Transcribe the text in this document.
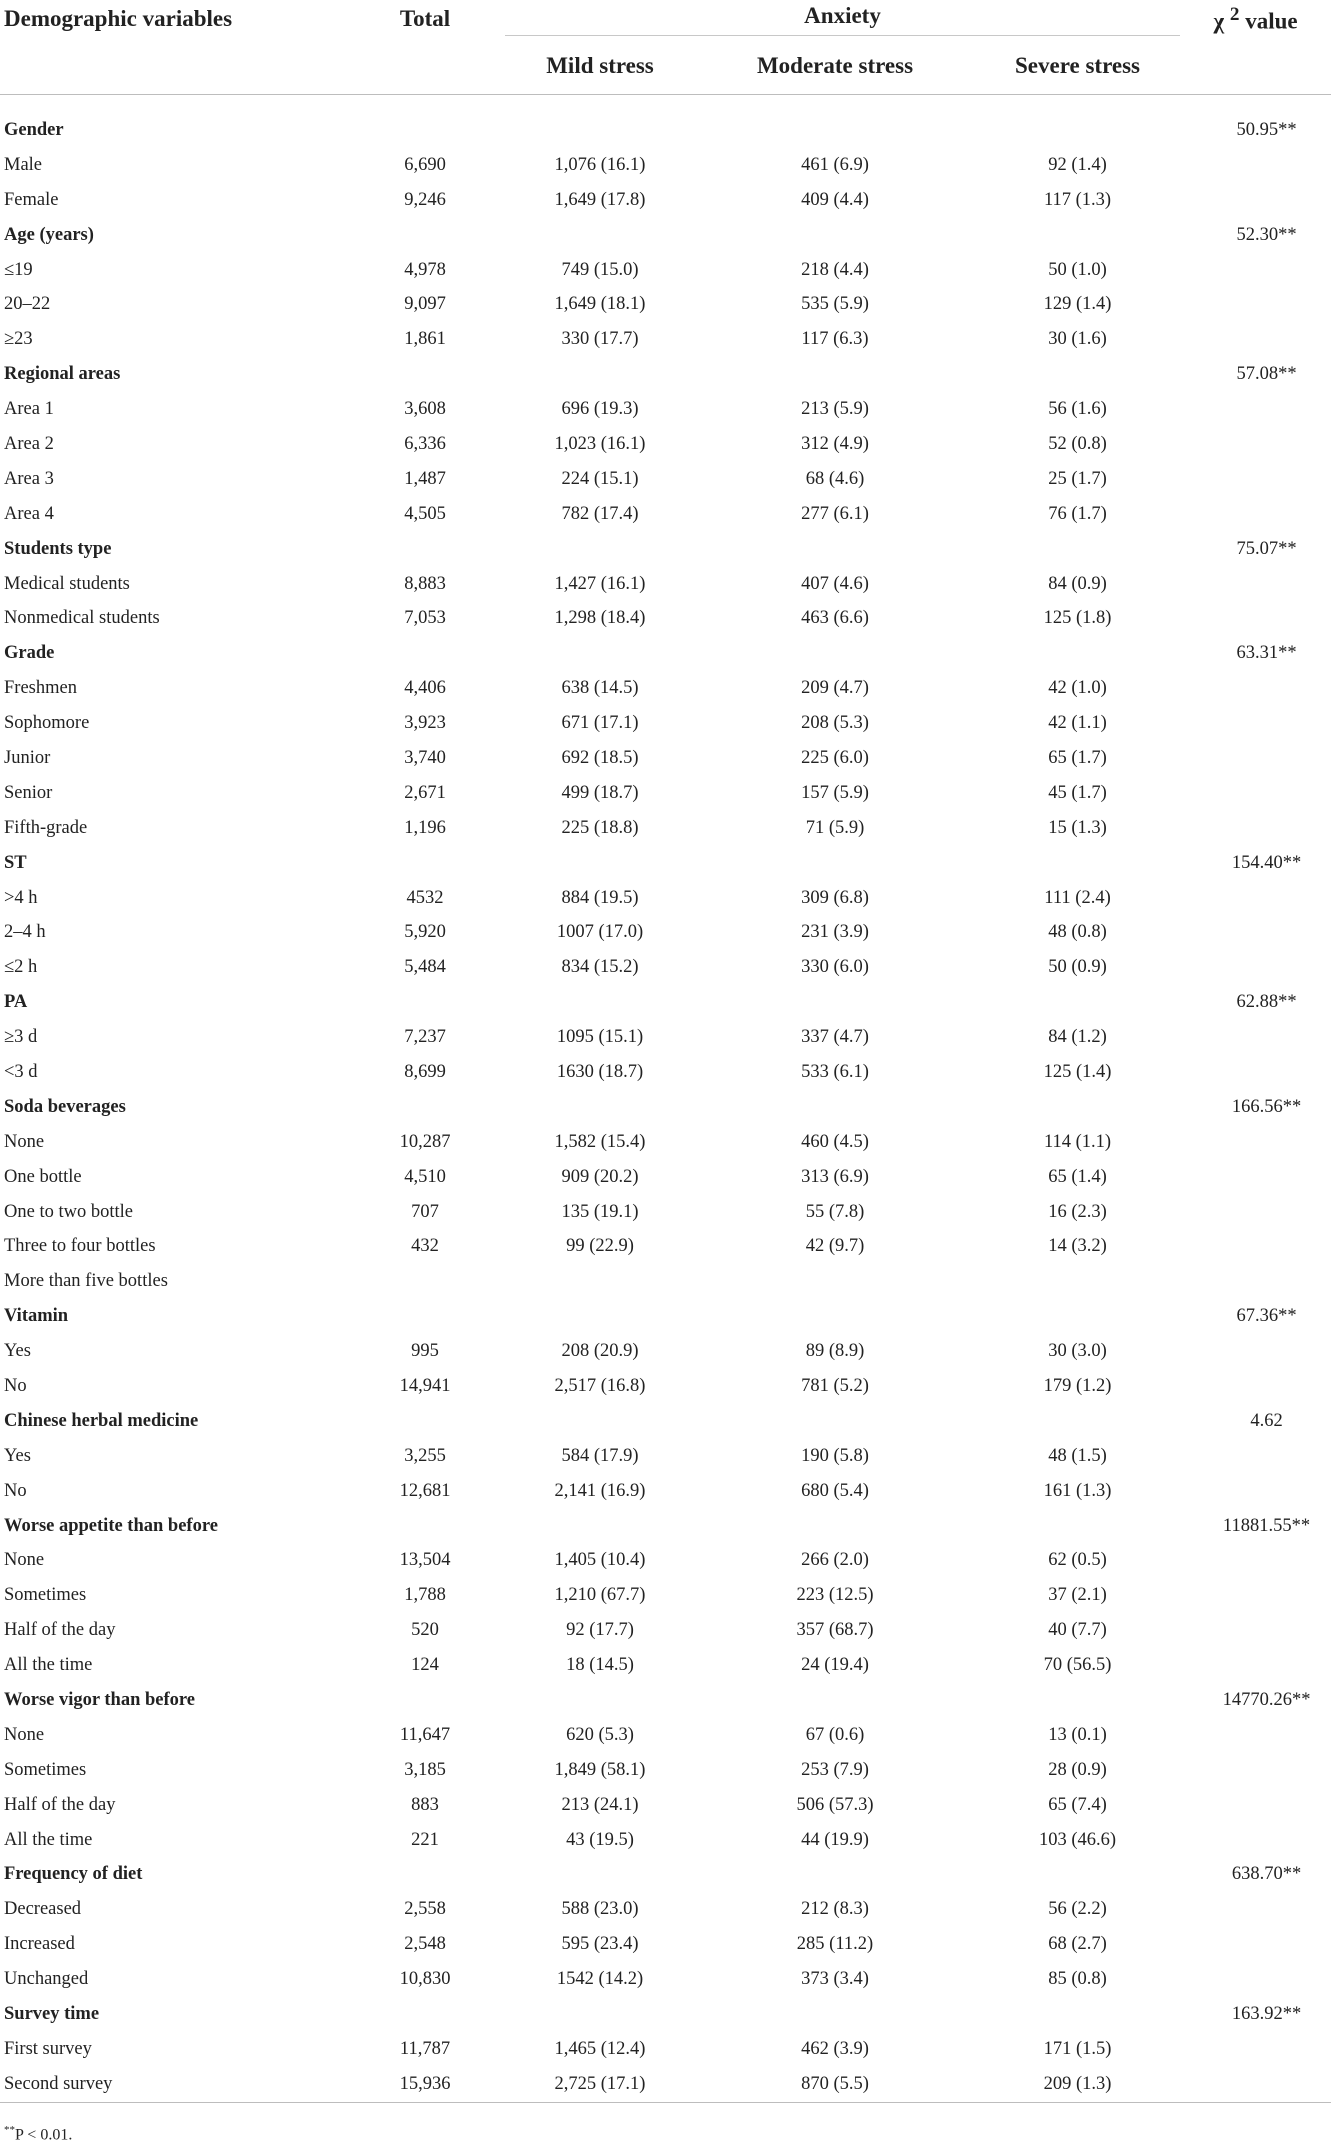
Demographic variables	Total	Anxiety			χ $^2$ value
		Mild stress	Moderate stress	Severe stress	

Gender					50.95**
Male	6,690	1,076 (16.1)	461 (6.9)	92 (1.4)	
Female	9,246	1,649 (17.8)	409 (4.4)	117 (1.3)	
Age (years)					52.30**
≤19	4,978	749 (15.0)	218 (4.4)	50 (1.0)	
20–22	9,097	1,649 (18.1)	535 (5.9)	129 (1.4)	
≥23	1,861	330 (17.7)	117 (6.3)	30 (1.6)	
Regional areas					57.08**
Area 1	3,608	696 (19.3)	213 (5.9)	56 (1.6)	
Area 2	6,336	1,023 (16.1)	312 (4.9)	52 (0.8)	
Area 3	1,487	224 (15.1)	68 (4.6)	25 (1.7)	
Area 4	4,505	782 (17.4)	277 (6.1)	76 (1.7)	
Students type					75.07**
Medical students	8,883	1,427 (16.1)	407 (4.6)	84 (0.9)	
Nonmedical students	7,053	1,298 (18.4)	463 (6.6)	125 (1.8)	
Grade					63.31**
Freshmen	4,406	638 (14.5)	209 (4.7)	42 (1.0)	
Sophomore	3,923	671 (17.1)	208 (5.3)	42 (1.1)	
Junior	3,740	692 (18.5)	225 (6.0)	65 (1.7)	
Senior	2,671	499 (18.7)	157 (5.9)	45 (1.7)	
Fifth-grade	1,196	225 (18.8)	71 (5.9)	15 (1.3)	
ST					154.40**
>4 h	4532	884 (19.5)	309 (6.8)	111 (2.4)	
2–4 h	5,920	1007 (17.0)	231 (3.9)	48 (0.8)	
≤2 h	5,484	834 (15.2)	330 (6.0)	50 (0.9)	
PA					62.88**
≥3 d	7,237	1095 (15.1)	337 (4.7)	84 (1.2)	
<3 d	8,699	1630 (18.7)	533 (6.1)	125 (1.4)	
Soda beverages					166.56**
None	10,287	1,582 (15.4)	460 (4.5)	114 (1.1)	
One bottle	4,510	909 (20.2)	313 (6.9)	65 (1.4)	
One to two bottle	707	135 (19.1)	55 (7.8)	16 (2.3)	
Three to four bottles	432	99 (22.9)	42 (9.7)	14 (3.2)	
More than five bottles					
Vitamin					67.36**
Yes	995	208 (20.9)	89 (8.9)	30 (3.0)	
No	14,941	2,517 (16.8)	781 (5.2)	179 (1.2)	
Chinese herbal medicine					4.62
Yes	3,255	584 (17.9)	190 (5.8)	48 (1.5)	
No	12,681	2,141 (16.9)	680 (5.4)	161 (1.3)	
Worse appetite than before					11881.55**
None	13,504	1,405 (10.4)	266 (2.0)	62 (0.5)	
Sometimes	1,788	1,210 (67.7)	223 (12.5)	37 (2.1)	
Half of the day	520	92 (17.7)	357 (68.7)	40 (7.7)	
All the time	124	18 (14.5)	24 (19.4)	70 (56.5)	
Worse vigor than before					14770.26**
None	11,647	620 (5.3)	67 (0.6)	13 (0.1)	
Sometimes	3,185	1,849 (58.1)	253 (7.9)	28 (0.9)	
Half of the day	883	213 (24.1)	506 (57.3)	65 (7.4)	
All the time	221	43 (19.5)	44 (19.9)	103 (46.6)	
Frequency of diet					638.70**
Decreased	2,558	588 (23.0)	212 (8.3)	56 (2.2)	
Increased	2,548	595 (23.4)	285 (11.2)	68 (2.7)	
Unchanged	10,830	1542 (14.2)	373 (3.4)	85 (0.8)	
Survey time					163.92**
First survey	11,787	1,465 (12.4)	462 (3.9)	171 (1.5)	
Second survey	15,936	2,725 (17.1)	870 (5.5)	209 (1.3)	
**P < 0.01.
